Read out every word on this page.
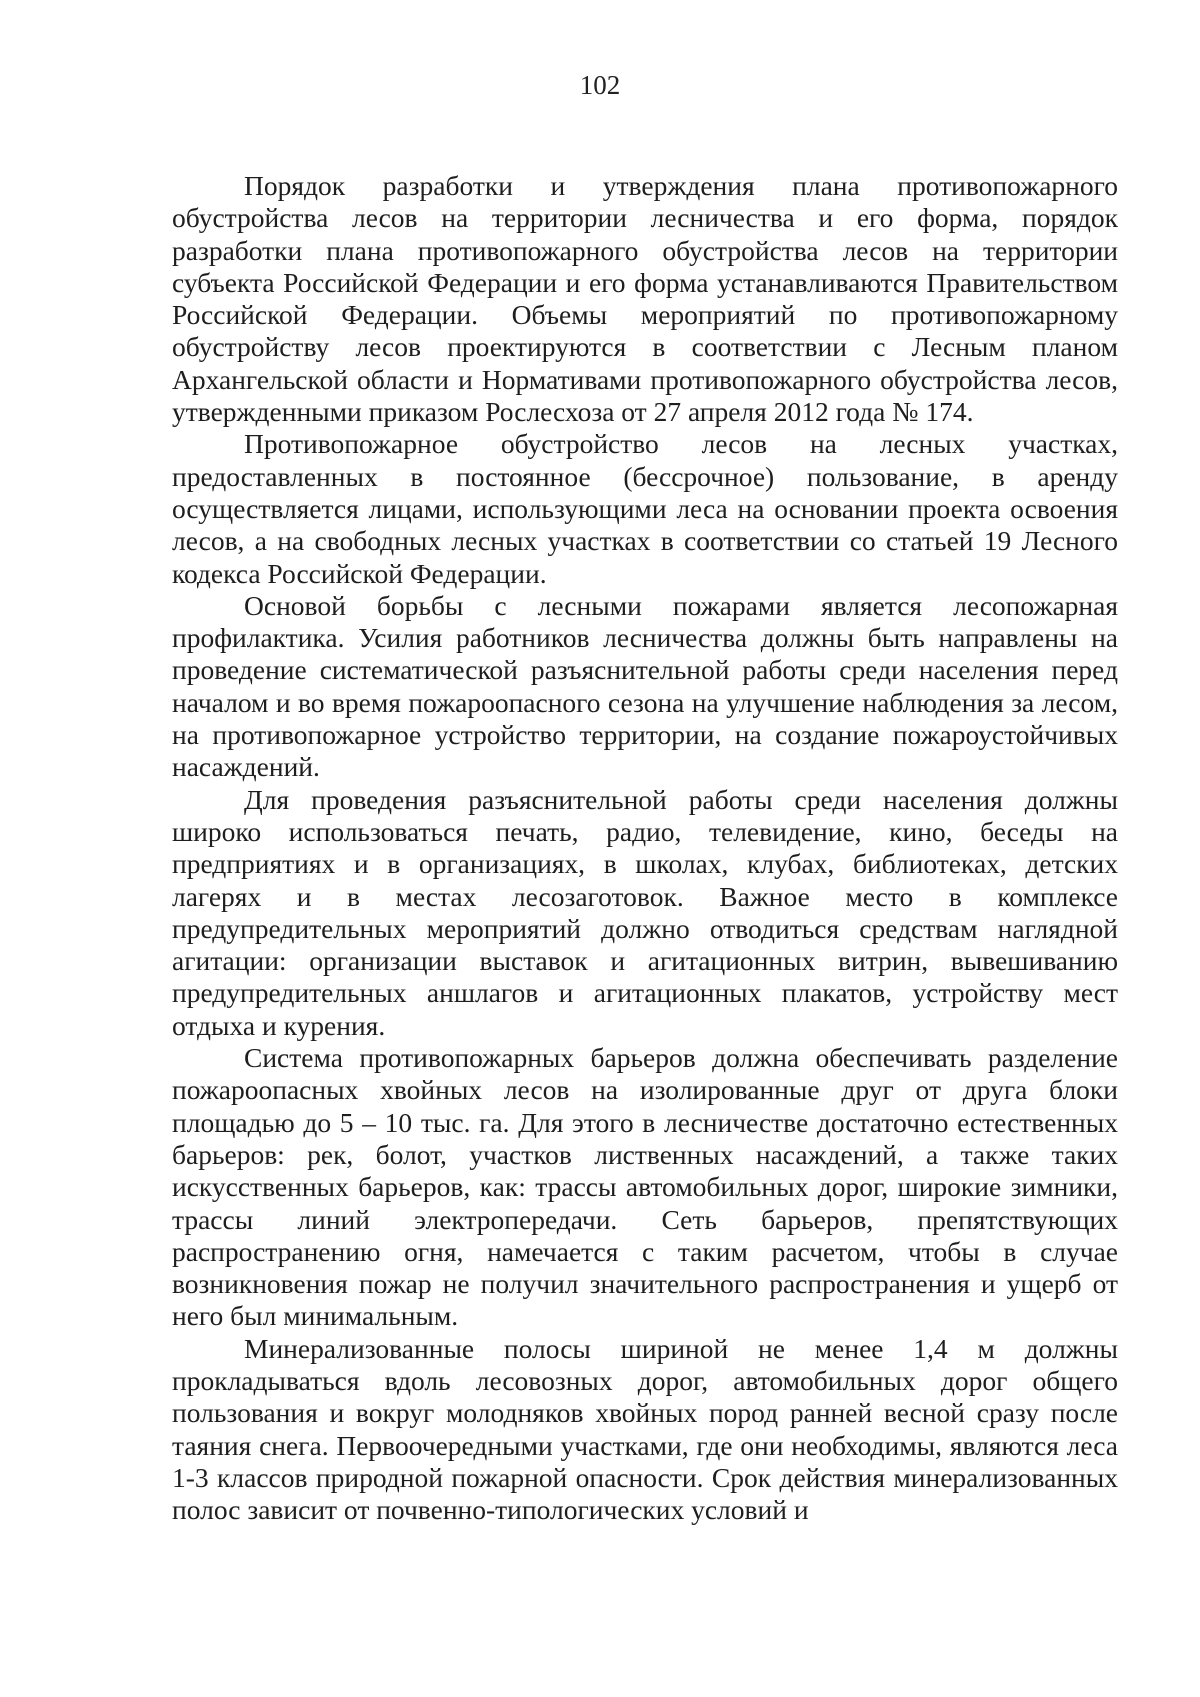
102

Порядок разработки и утверждения плана противопожарного обустройства лесов на территории лесничества и его форма, порядок разработки плана противопожарного обустройства лесов на территории субъекта Российской Федерации и его форма устанавливаются Правительством Российской Федерации. Объемы мероприятий по противопожарному обустройству лесов проектируются в соответствии с Лесным планом Архангельской области и Нормативами противопожарного обустройства лесов, утвержденными приказом Рослесхоза от 27 апреля 2012 года № 174.

Противопожарное обустройство лесов на лесных участках, предоставленных в постоянное (бессрочное) пользование, в аренду осуществляется лицами, использующими леса на основании проекта освоения лесов, а на свободных лесных участках в соответствии со статьей 19 Лесного кодекса Российской Федерации.

Основой борьбы с лесными пожарами является лесопожарная профилактика. Усилия работников лесничества должны быть направлены на проведение систематической разъяснительной работы среди населения перед началом и во время пожароопасного сезона на улучшение наблюдения за лесом, на противопожарное устройство территории, на создание пожароустойчивых насаждений.

Для проведения разъяснительной работы среди населения должны широко использоваться печать, радио, телевидение, кино, беседы на предприятиях и в организациях, в школах, клубах, библиотеках, детских лагерях и в местах лесозаготовок. Важное место в комплексе предупредительных мероприятий должно отводиться средствам наглядной агитации: организации выставок и агитационных витрин, вывешиванию предупредительных аншлагов и агитационных плакатов, устройству мест отдыха и курения.

Система противопожарных барьеров должна обеспечивать разделение пожароопасных хвойных лесов на изолированные друг от друга блоки площадью до 5 – 10 тыс. га. Для этого в лесничестве достаточно естественных барьеров: рек, болот, участков лиственных насаждений, а также таких искусственных барьеров, как: трассы автомобильных дорог, широкие зимники, трассы линий электропередачи. Сеть барьеров, препятствующих распространению огня, намечается с таким расчетом, чтобы в случае возникновения пожар не получил значительного распространения и ущерб от него был минимальным.

Минерализованные полосы шириной не менее 1,4 м должны прокладываться вдоль лесовозных дорог, автомобильных дорог общего пользования и вокруг молодняков хвойных пород ранней весной сразу после таяния снега. Первоочередными участками, где они необходимы, являются леса 1-3 классов природной пожарной опасности. Срок действия минерализованных полос зависит от почвенно-типологических условий и
